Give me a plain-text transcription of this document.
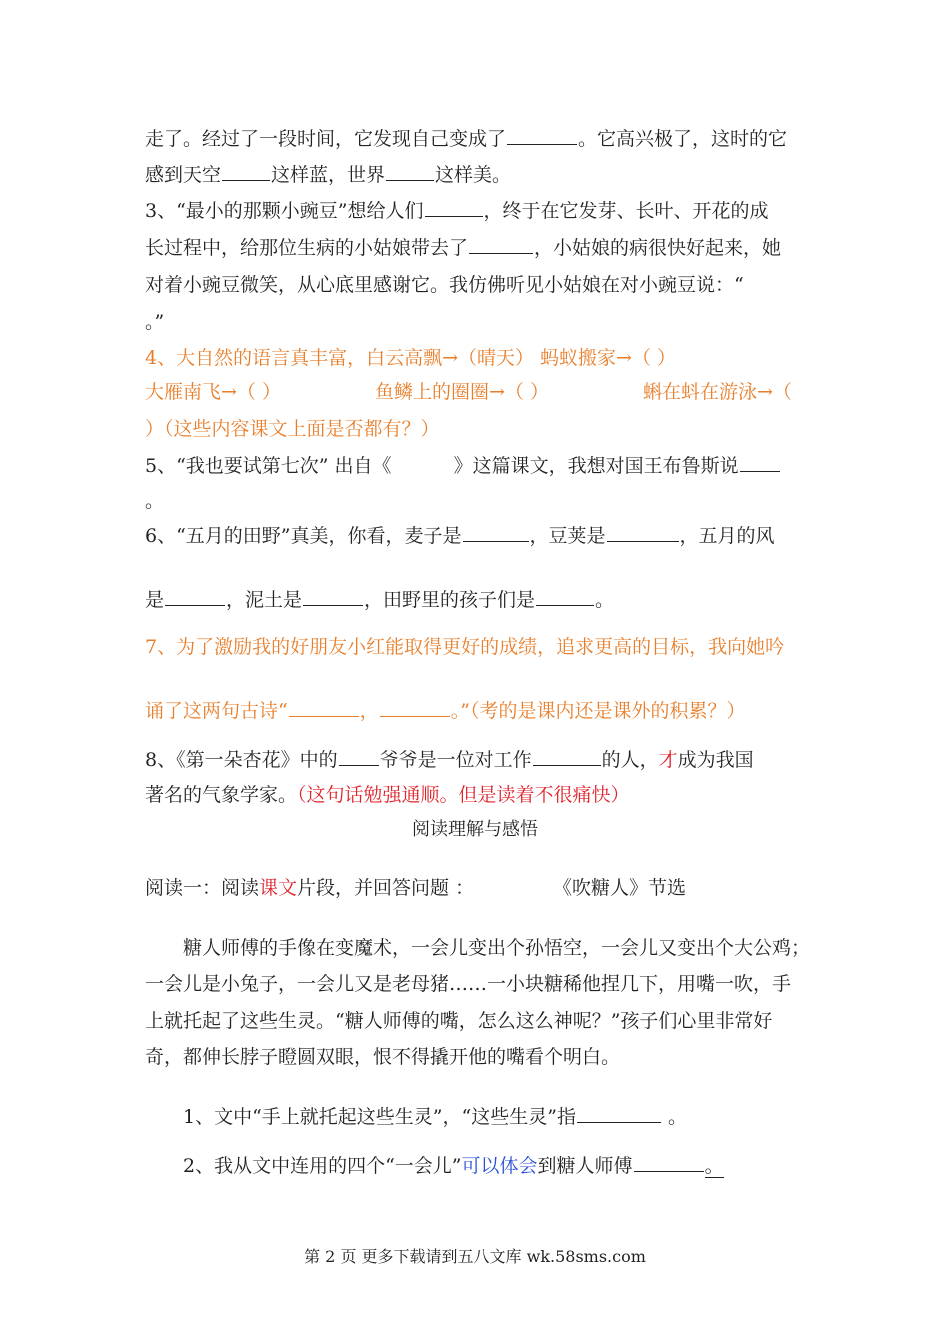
走了。经过了一段时间，它发现自己变成了	。它高兴极了，这时的它
感到天空	这样蓝，世界	这样美。
3、“最小的那颗小豌豆”想给人们	，终于在它发芽、长叶、开花的成
长过程中，给那位生病的小姑娘带去了	，小姑娘的病很快好起来，她
对着小豌豆微笑，从心底里感谢它。我仿佛听见小姑娘在对小豌豆说：“
。”
4、大自然的语言真丰富，白云高飘→（晴天） 蚂蚁搬家→（ ）
大雁南飞→（ ）	鱼鳞上的圈圈→（ ）	蝌在蚪在游泳→（
）（这些内容课文上面是否都有？）
5、“我也要试第七次” 出自《	》这篇课文，我想对国王布鲁斯说
。
6、“五月的田野”真美，你看，麦子是	，豆荚是	，五月的风
是	，泥土是	，田野里的孩子们是	。
7、为了激励我的好朋友小红能取得更好的成绩，追求更高的目标，我向她吟
诵了这两句古诗“	，	。”（考的是课内还是课外的积累？）
8、《第一朵杏花》中的 爷爷是一位对工作	的人，才成为我国
著名的气象学家。（这句话勉强通顺。但是读着不很痛快）
阅读理解与感悟
阅读一：阅读课文片段，并回答问题 ：	《吹糖人》节选
糖人师傅的手像在变魔术，一会儿变出个孙悟空，一会儿又变出个大公鸡；
一会儿是小兔子，一会儿又是老母猪……一小块糖稀他捏几下，用嘴一吹，手
上就托起了这些生灵。“糖人师傅的嘴，怎么这么神呢？”孩子们心里非常好
奇，都伸长脖子瞪圆双眼，恨不得撬开他的嘴看个明白。
1、文中“手上就托起这些生灵”，“这些生灵”指	。
2、我从文中连用的四个“一会儿”可以体会到糖人师傅	。
第 2 页 更多下载请到五八文库 wk.58sms.com
